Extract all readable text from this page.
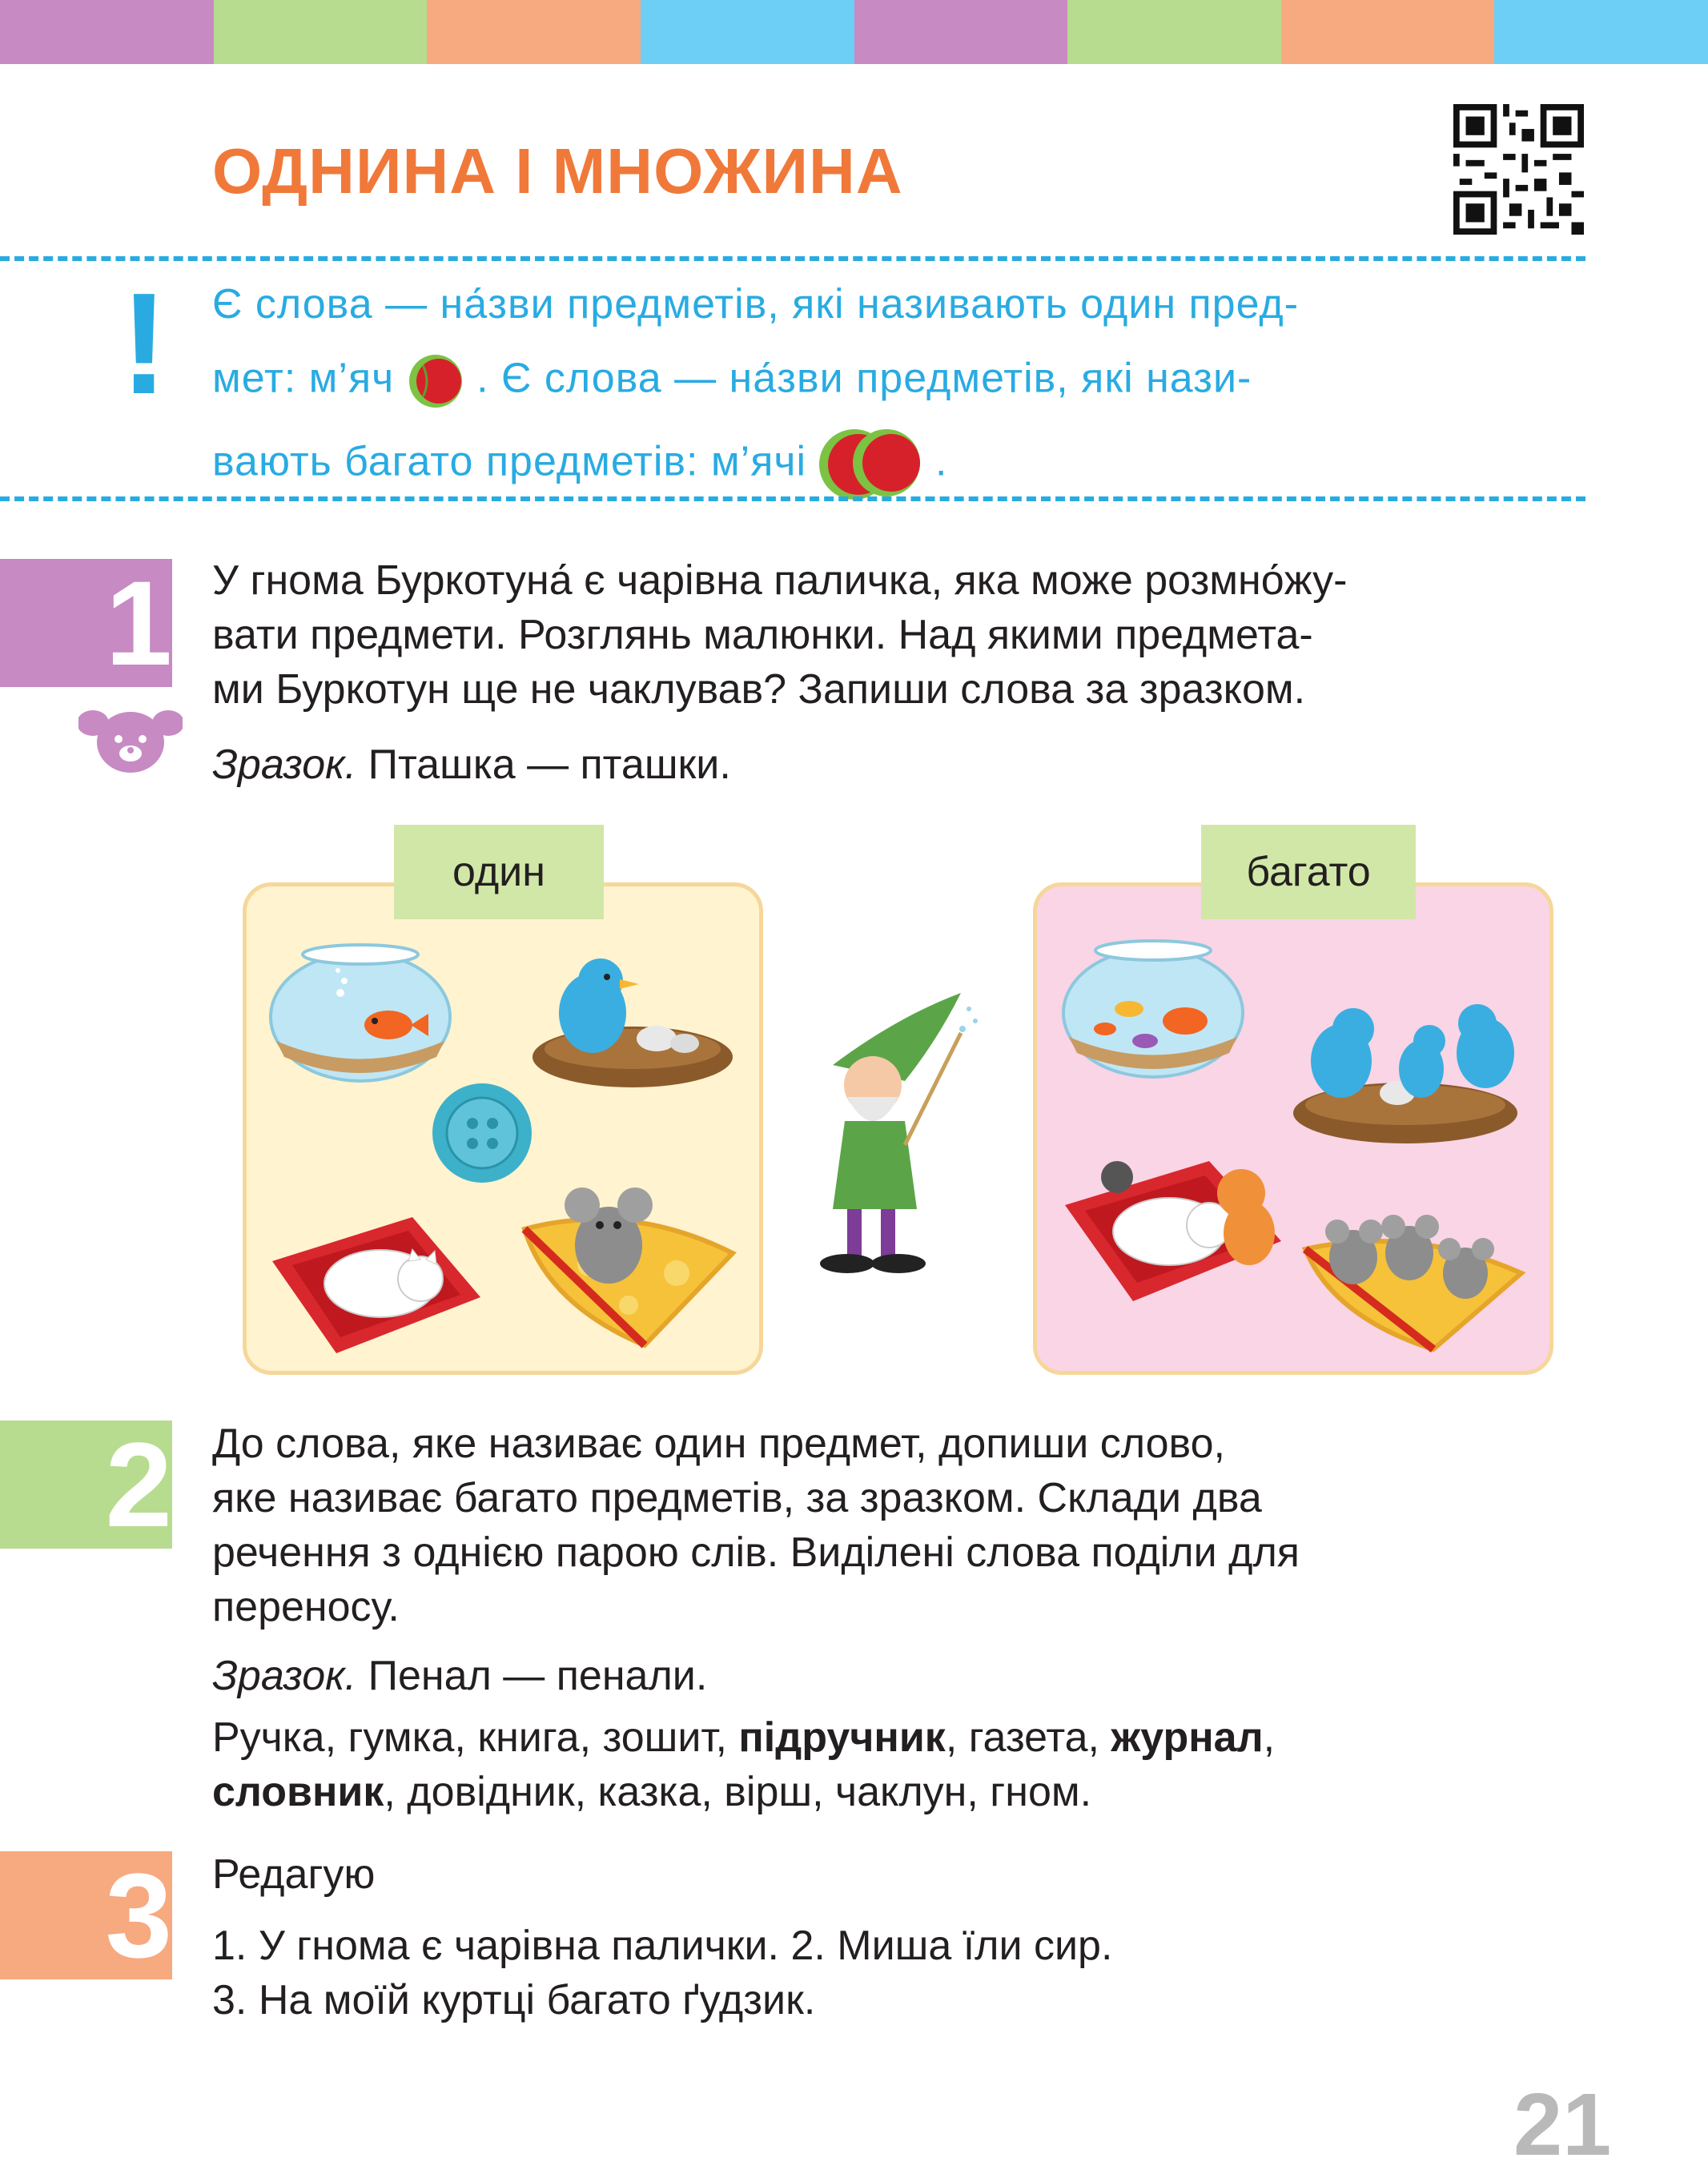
ОДНИНА І МНОЖИНА
! Є слова — на́зви предметів, які називають один пред-
мет: м’яч . Є слова — на́зви предметів, які нази-
вають багато предметів: м’ячі	.
1 У гнома Буркотуна́ є чарівна паличка, яка може розмно́жу-
вати предмети. Розглянь малюнки. Над якими предмета-
ми Буркотун ще не чаклував? Запиши слова за зразком.
Зразок. Пташка — пташки.
один	багато
2 До слова, яке називає один предмет, допиши слово,
яке називає багато предметів, за зразком. Склади два
речення з однією парою слів. Виділені слова поділи для
переносу.
Зразок. Пенал — пенали.
Ручка, гумка, книга, зошит, підручник, газета, журнал,
словник, довідник, казка, вірш, чаклун, гном.
3 Редагую
1. У гнома є чарівна палички. 2. Миша їли сир.
3. На моїй куртці багато ґудзик.
21
